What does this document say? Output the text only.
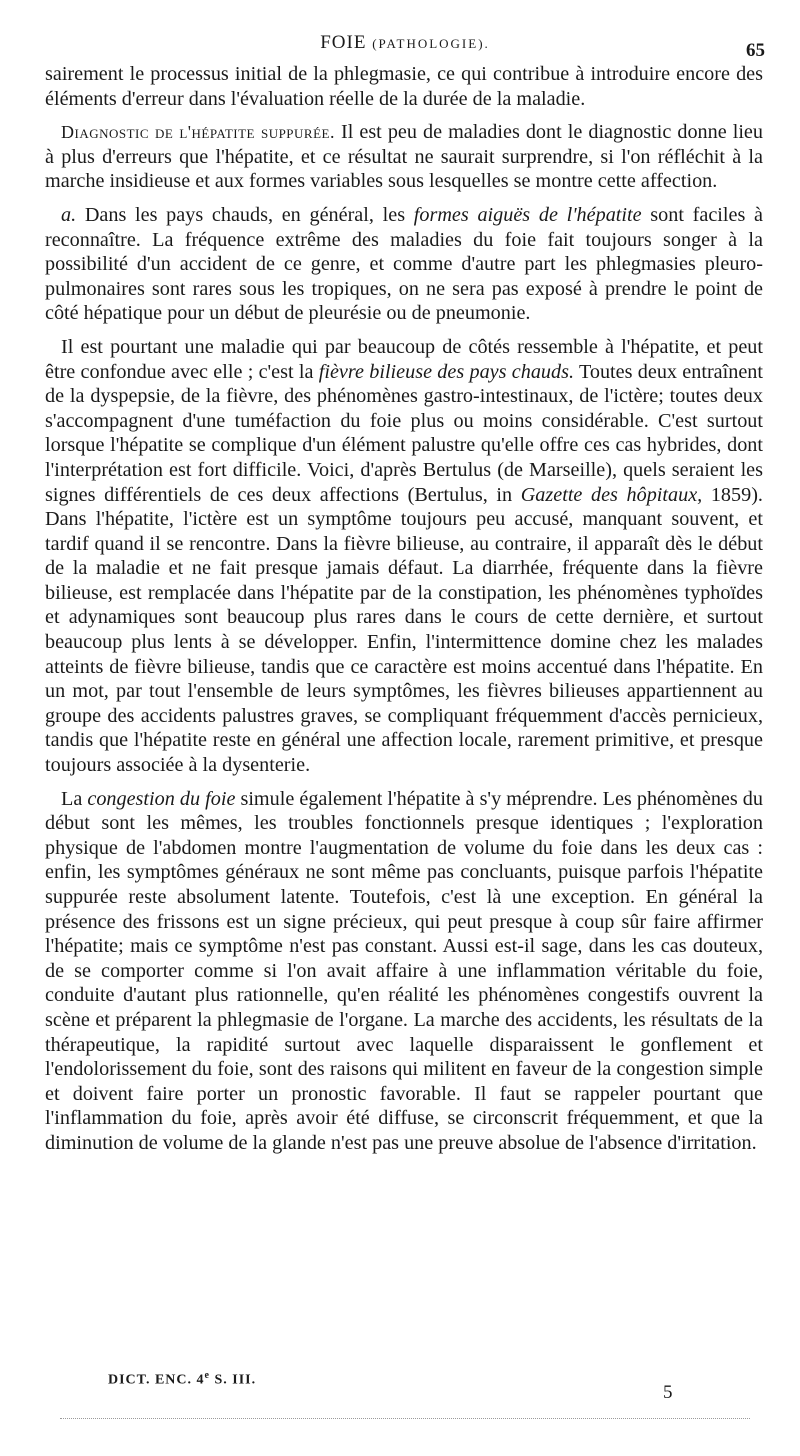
FOIE (PATHOLOGIE).	65

sairement le processus initial de la phlegmasie, ce qui contribue à introduire encore des éléments d'erreur dans l'évaluation réelle de la durée de la maladie.

Diagnostic de l'hépatite suppurée. Il est peu de maladies dont le diagnostic donne lieu à plus d'erreurs que l'hépatite, et ce résultat ne saurait surprendre, si l'on réfléchit à la marche insidieuse et aux formes variables sous lesquelles se montre cette affection.

a. Dans les pays chauds, en général, les formes aiguës de l'hépatite sont faciles à reconnaître. La fréquence extrême des maladies du foie fait toujours songer à la possibilité d'un accident de ce genre, et comme d'autre part les phlegmasies pleuro-pulmonaires sont rares sous les tropiques, on ne sera pas exposé à prendre le point de côté hépatique pour un début de pleurésie ou de pneumonie.

Il est pourtant une maladie qui par beaucoup de côtés ressemble à l'hépatite, et peut être confondue avec elle ; c'est la fièvre bilieuse des pays chauds. Toutes deux entraînent de la dyspepsie, de la fièvre, des phénomènes gastro-intestinaux, de l'ictère; toutes deux s'accompagnent d'une tuméfaction du foie plus ou moins considérable. C'est surtout lorsque l'hépatite se complique d'un élément palustre qu'elle offre ces cas hybrides, dont l'interprétation est fort difficile. Voici, d'après Bertulus (de Marseille), quels seraient les signes différentiels de ces deux affections (Bertulus, in Gazette des hôpitaux, 1859). Dans l'hépatite, l'ictère est un symptôme toujours peu accusé, manquant souvent, et tardif quand il se rencontre. Dans la fièvre bilieuse, au contraire, il apparaît dès le début de la maladie et ne fait presque jamais défaut. La diarrhée, fréquente dans la fièvre bilieuse, est remplacée dans l'hépatite par de la constipation, les phénomènes typhoïdes et adynamiques sont beaucoup plus rares dans le cours de cette dernière, et surtout beaucoup plus lents à se développer. Enfin, l'intermittence domine chez les malades atteints de fièvre bilieuse, tandis que ce caractère est moins accentué dans l'hépatite. En un mot, par tout l'ensemble de leurs symptômes, les fièvres bilieuses appartiennent au groupe des accidents palustres graves, se compliquant fréquemment d'accès pernicieux, tandis que l'hépatite reste en général une affection locale, rarement primitive, et presque toujours associée à la dysenterie.

La congestion du foie simule également l'hépatite à s'y méprendre. Les phénomènes du début sont les mêmes, les troubles fonctionnels presque identiques ; l'exploration physique de l'abdomen montre l'augmentation de volume du foie dans les deux cas : enfin, les symptômes généraux ne sont même pas concluants, puisque parfois l'hépatite suppurée reste absolument latente. Toutefois, c'est là une exception. En général la présence des frissons est un signe précieux, qui peut presque à coup sûr faire affirmer l'hépatite; mais ce symptôme n'est pas constant. Aussi est-il sage, dans les cas douteux, de se comporter comme si l'on avait affaire à une inflammation véritable du foie, conduite d'autant plus rationnelle, qu'en réalité les phénomènes congestifs ouvrent la scène et préparent la phlegmasie de l'organe. La marche des accidents, les résultats de la thérapeutique, la rapidité surtout avec laquelle disparaissent le gonflement et l'endolorissement du foie, sont des raisons qui militent en faveur de la congestion simple et doivent faire porter un pronostic favorable. Il faut se rappeler pourtant que l'inflammation du foie, après avoir été diffuse, se circonscrit fréquemment, et que la diminution de volume de la glande n'est pas une preuve absolue de l'absence d'irritation.

DICT. ENC. 4e S. III.
5
